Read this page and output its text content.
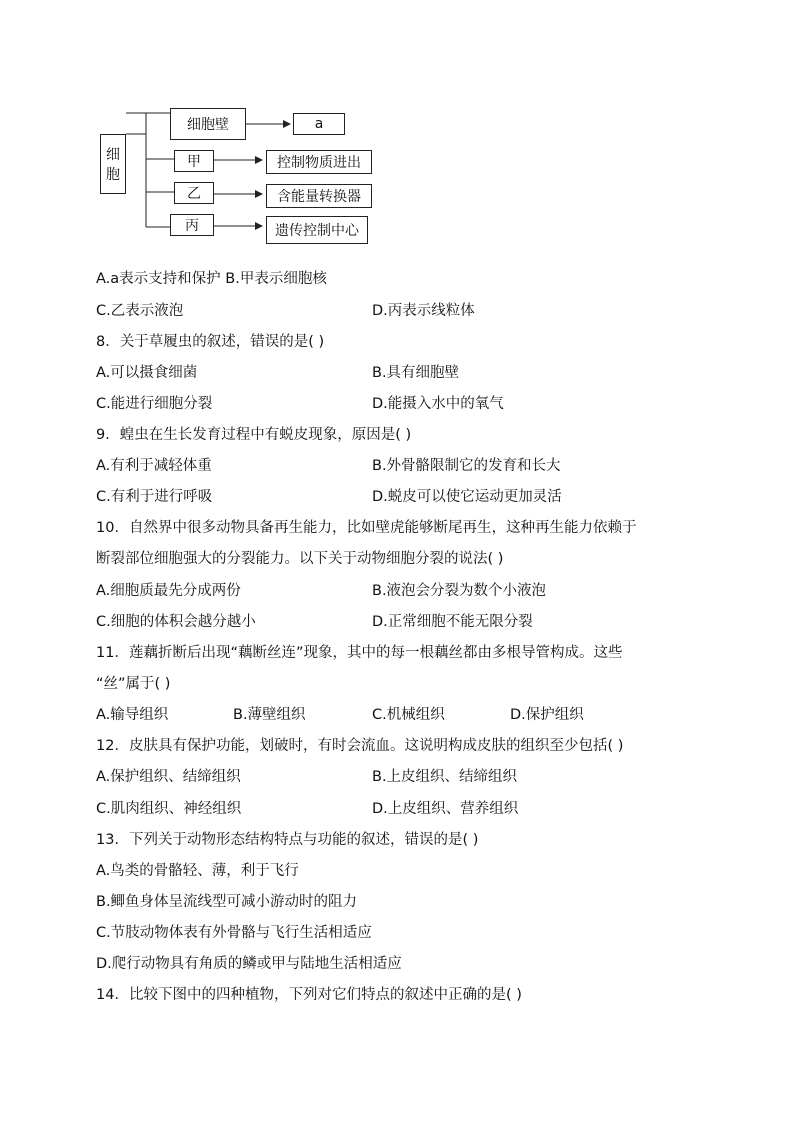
细
胞
细胞壁	a
甲	控制物质进出
乙	含能量转换器
丙	遗传控制中心
A.a表示支持和保护 B.甲表示细胞核
C.乙表示液泡	D.丙表示线粒体
8．关于草履虫的叙述，错误的是( )
A.可以摄食细菌	B.具有细胞壁
C.能进行细胞分裂	D.能摄入水中的氧气
9．蝗虫在生长发育过程中有蜕皮现象，原因是( )
A.有利于减轻体重	B.外骨骼限制它的发育和长大
C.有利于进行呼吸	D.蜕皮可以使它运动更加灵活
10．自然界中很多动物具备再生能力，比如壁虎能够断尾再生，这种再生能力依赖于
断裂部位细胞强大的分裂能力。以下关于动物细胞分裂的说法( )
A.细胞质最先分成两份	B.液泡会分裂为数个小液泡
C.细胞的体积会越分越小	D.正常细胞不能无限分裂
11．莲藕折断后出现“藕断丝连”现象，其中的每一根藕丝都由多根导管构成。这些
“丝”属于( )
A.输导组织	B.薄壁组织	C.机械组织	D.保护组织
12．皮肤具有保护功能，划破时，有时会流血。这说明构成皮肤的组织至少包括( )
A.保护组织、结缔组织	B.上皮组织、结缔组织
C.肌肉组织、神经组织	D.上皮组织、营养组织
13．下列关于动物形态结构特点与功能的叙述，错误的是( )
A.鸟类的骨骼轻、薄，利于飞行
B.鲫鱼身体呈流线型可减小游动时的阻力
C.节肢动物体表有外骨骼与飞行生活相适应
D.爬行动物具有角质的鳞或甲与陆地生活相适应
14．比较下图中的四种植物，下列对它们特点的叙述中正确的是( )
